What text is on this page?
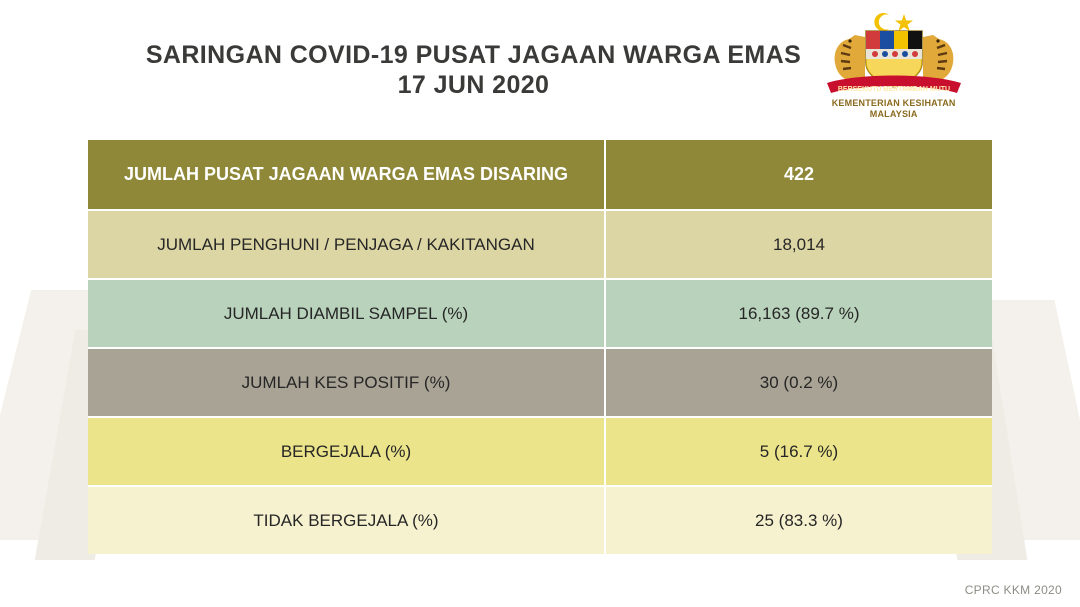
SARINGAN COVID-19 PUSAT JAGAAN WARGA EMAS
17 JUN 2020	BERSEKUTU BERTAMBAH MUTU
KEMENTERIAN KESIHATAN
MALAYSIA
JUMLAH PUSAT JAGAAN WARGA EMAS DISARING	422
JUMLAH PENGHUNI / PENJAGA / KAKITANGAN	18,014
JUMLAH DIAMBIL SAMPEL (%)	16,163 (89.7 %)
JUMLAH KES POSITIF (%)	30 (0.2 %)
BERGEJALA (%)	5 (16.7 %)
TIDAK BERGEJALA (%)	25 (83.3 %)
CPRC KKM 2020
